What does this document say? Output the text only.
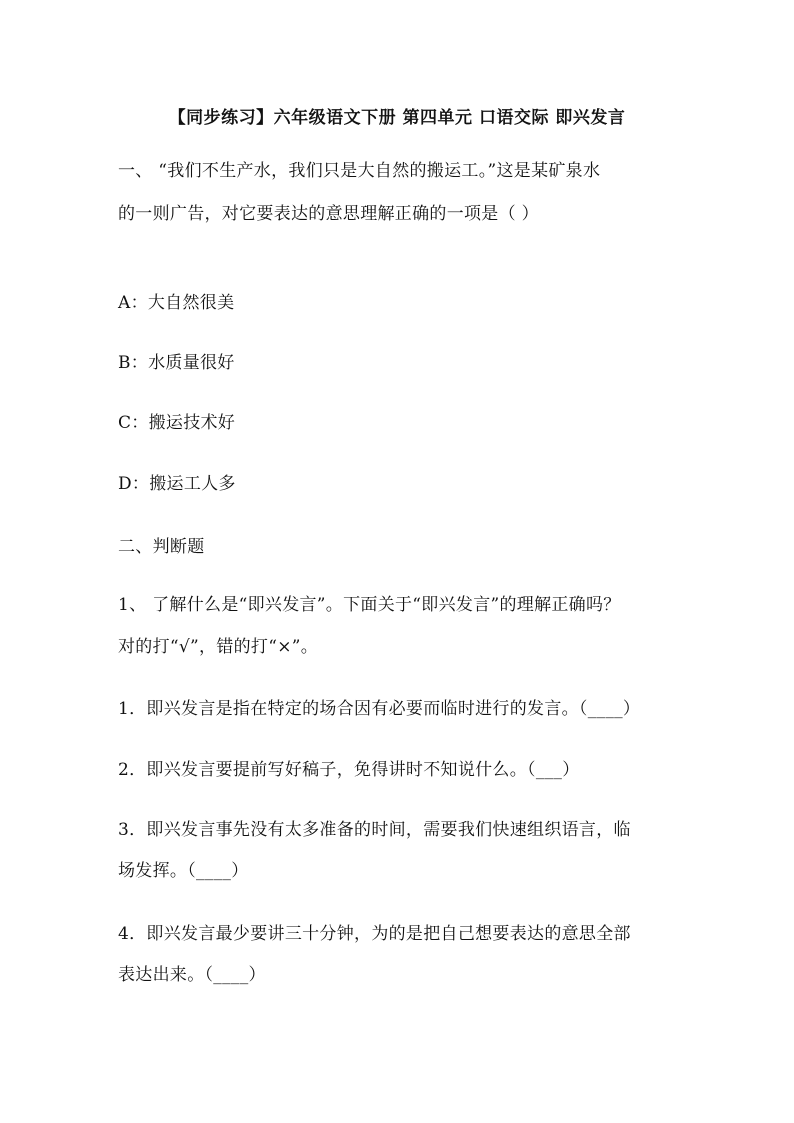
【同步练习】六年级语文下册 第四单元 口语交际 即兴发言
一、 “我们不生产水，我们只是大自然的搬运工。”这是某矿泉水
的一则广告，对它要表达的意思理解正确的一项是（ ）
A：大自然很美
B：水质量很好
C：搬运技术好
D：搬运工人多
二、判断题
1、 了解什么是“即兴发言”。下面关于“即兴发言”的理解正确吗？
对的打“√”，错的打“×”。
1．即兴发言是指在特定的场合因有必要而临时进行的发言。（____）
2．即兴发言要提前写好稿子，免得讲时不知说什么。（___）
3．即兴发言事先没有太多准备的时间，需要我们快速组织语言，临
场发挥。（____）
4．即兴发言最少要讲三十分钟，为的是把自己想要表达的意思全部
表达出来。（____）
